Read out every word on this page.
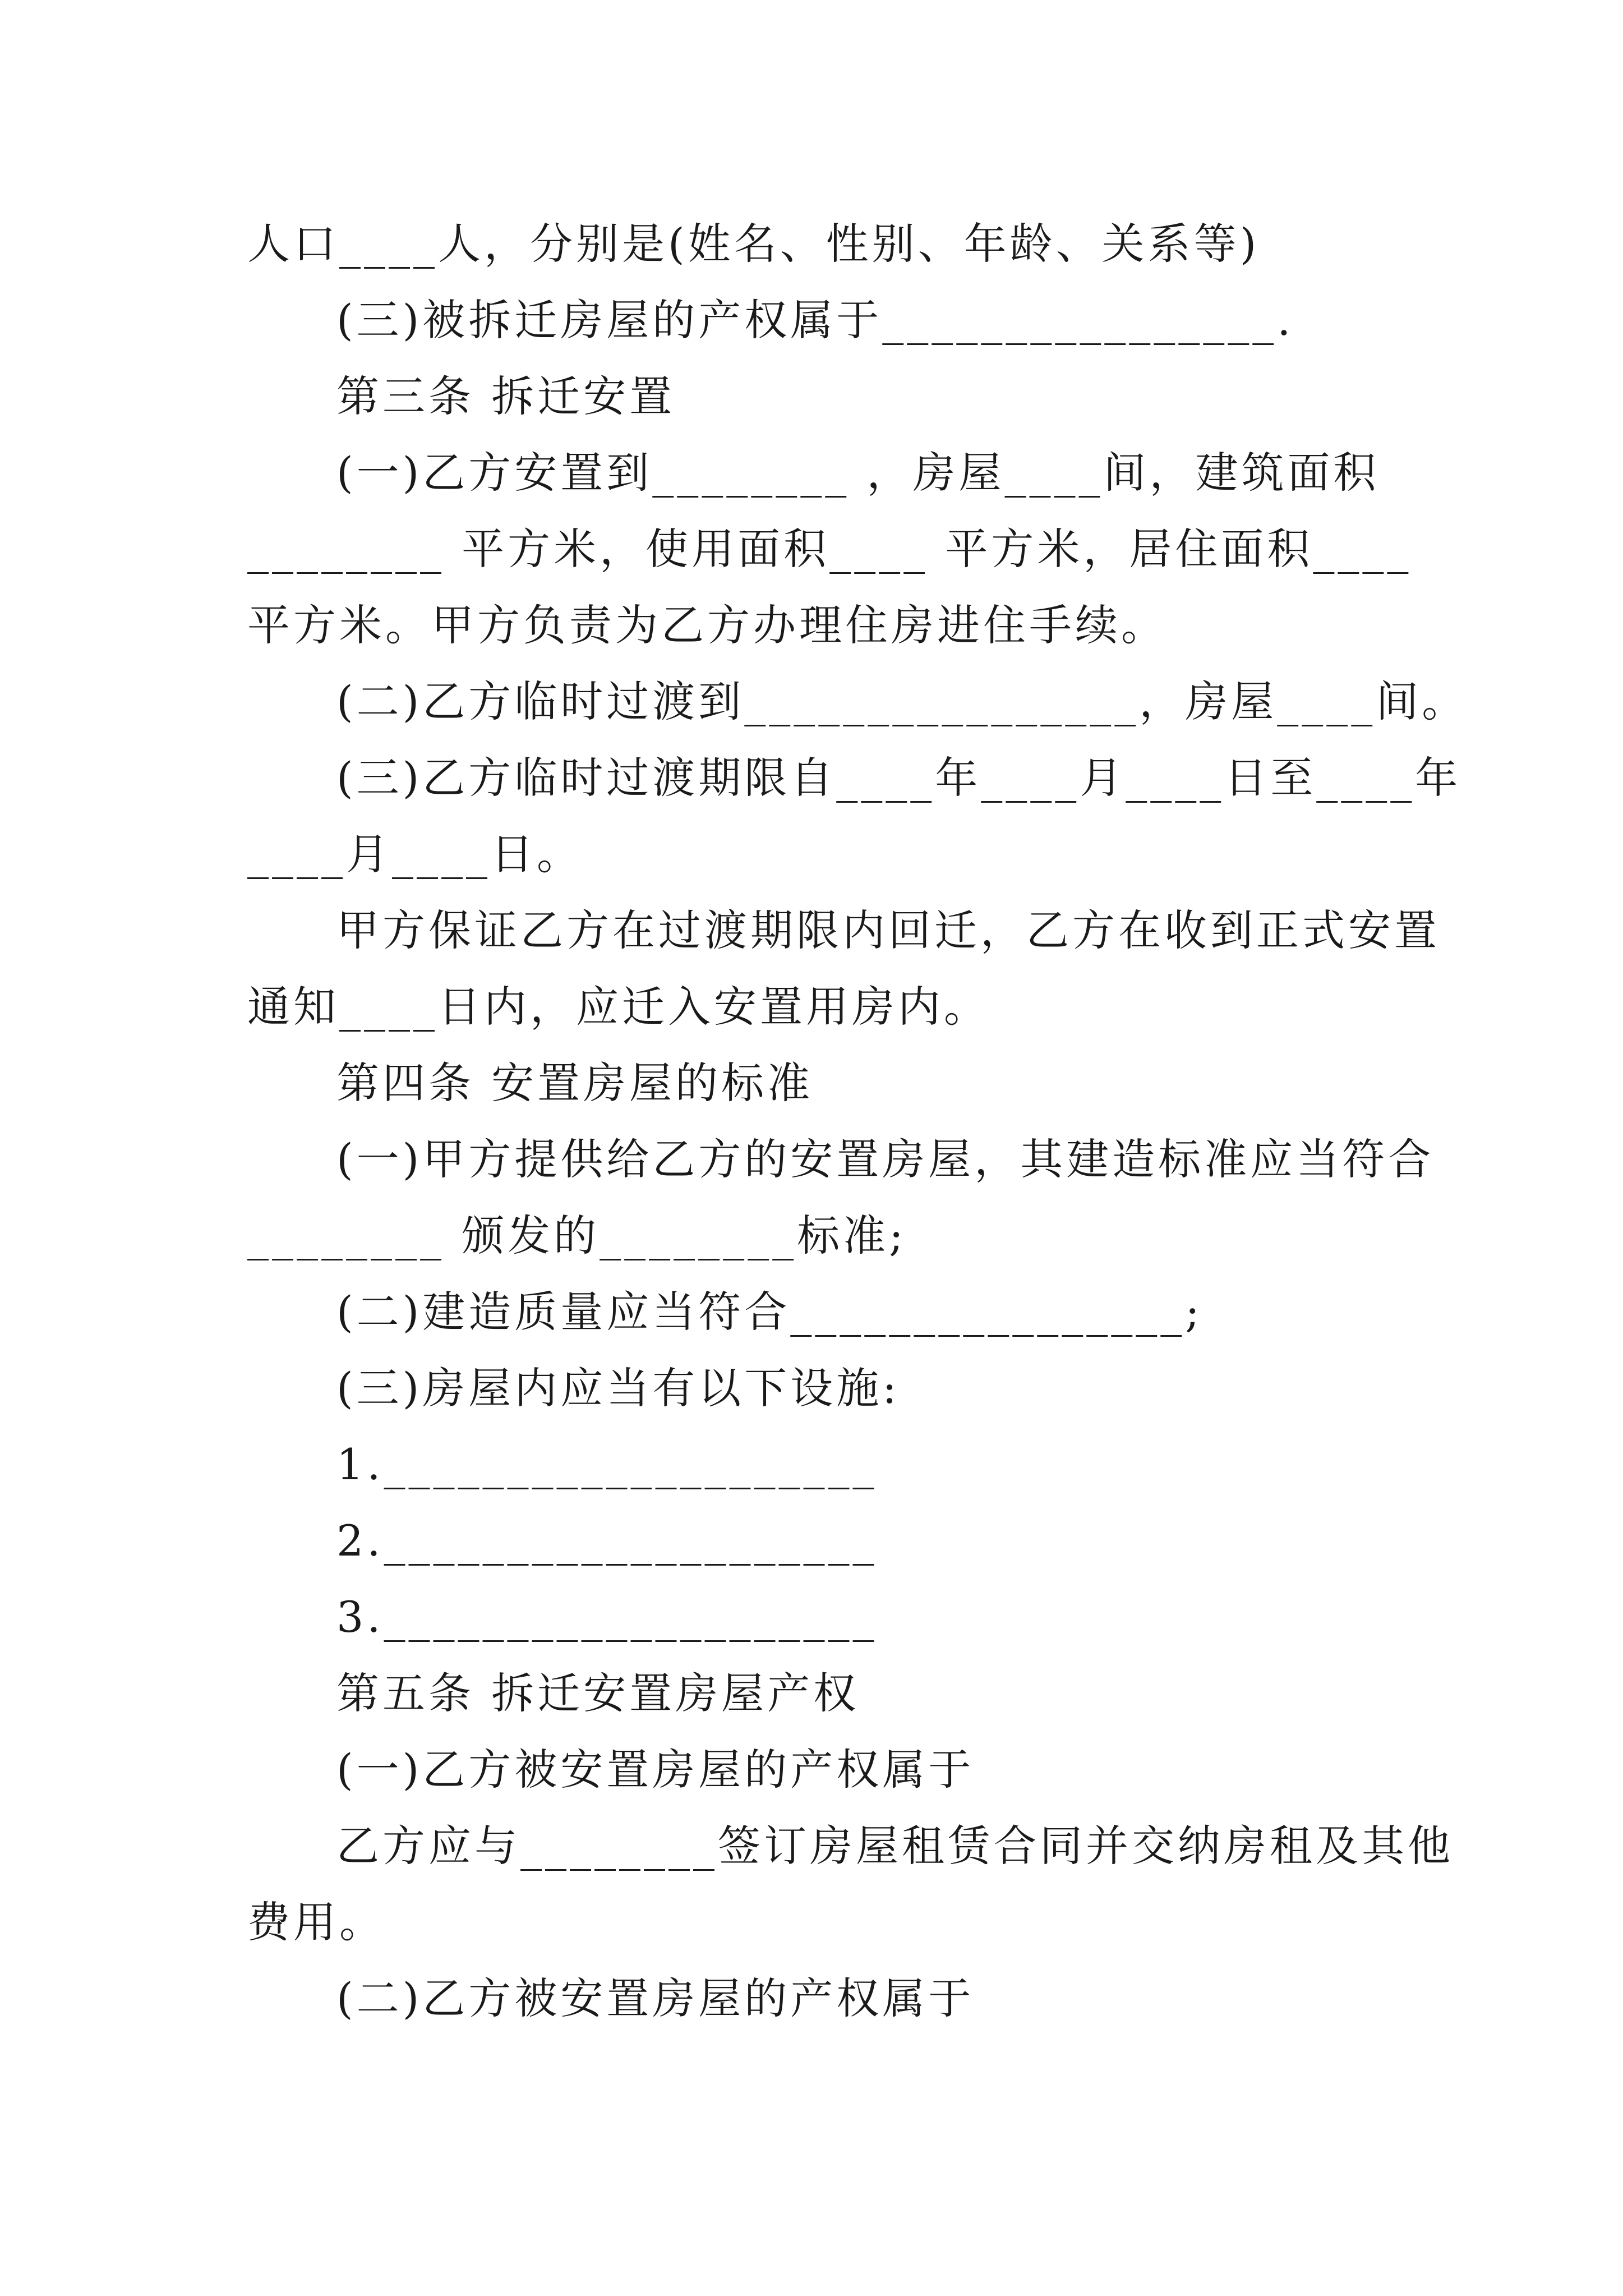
人口____人，分别是(姓名、性别、年龄、关系等)
(三)被拆迁房屋的产权属于________________.
第三条 拆迁安置
(一)乙方安置到________ ，房屋____间，建筑面积
________ 平方米，使用面积____ 平方米，居住面积____
平方米。甲方负责为乙方办理住房进住手续。
(二)乙方临时过渡到________________，房屋____间。
(三)乙方临时过渡期限自____年____月____日至____年
____月____日。
甲方保证乙方在过渡期限内回迁，乙方在收到正式安置
通知____日内，应迁入安置用房内。
第四条 安置房屋的标准
(一)甲方提供给乙方的安置房屋，其建造标准应当符合
________ 颁发的________标准;
(二)建造质量应当符合________________;
(三)房屋内应当有以下设施:
1.____________________
2.____________________
3.____________________
第五条 拆迁安置房屋产权
(一)乙方被安置房屋的产权属于
乙方应与________签订房屋租赁合同并交纳房租及其他
费用。
(二)乙方被安置房屋的产权属于
